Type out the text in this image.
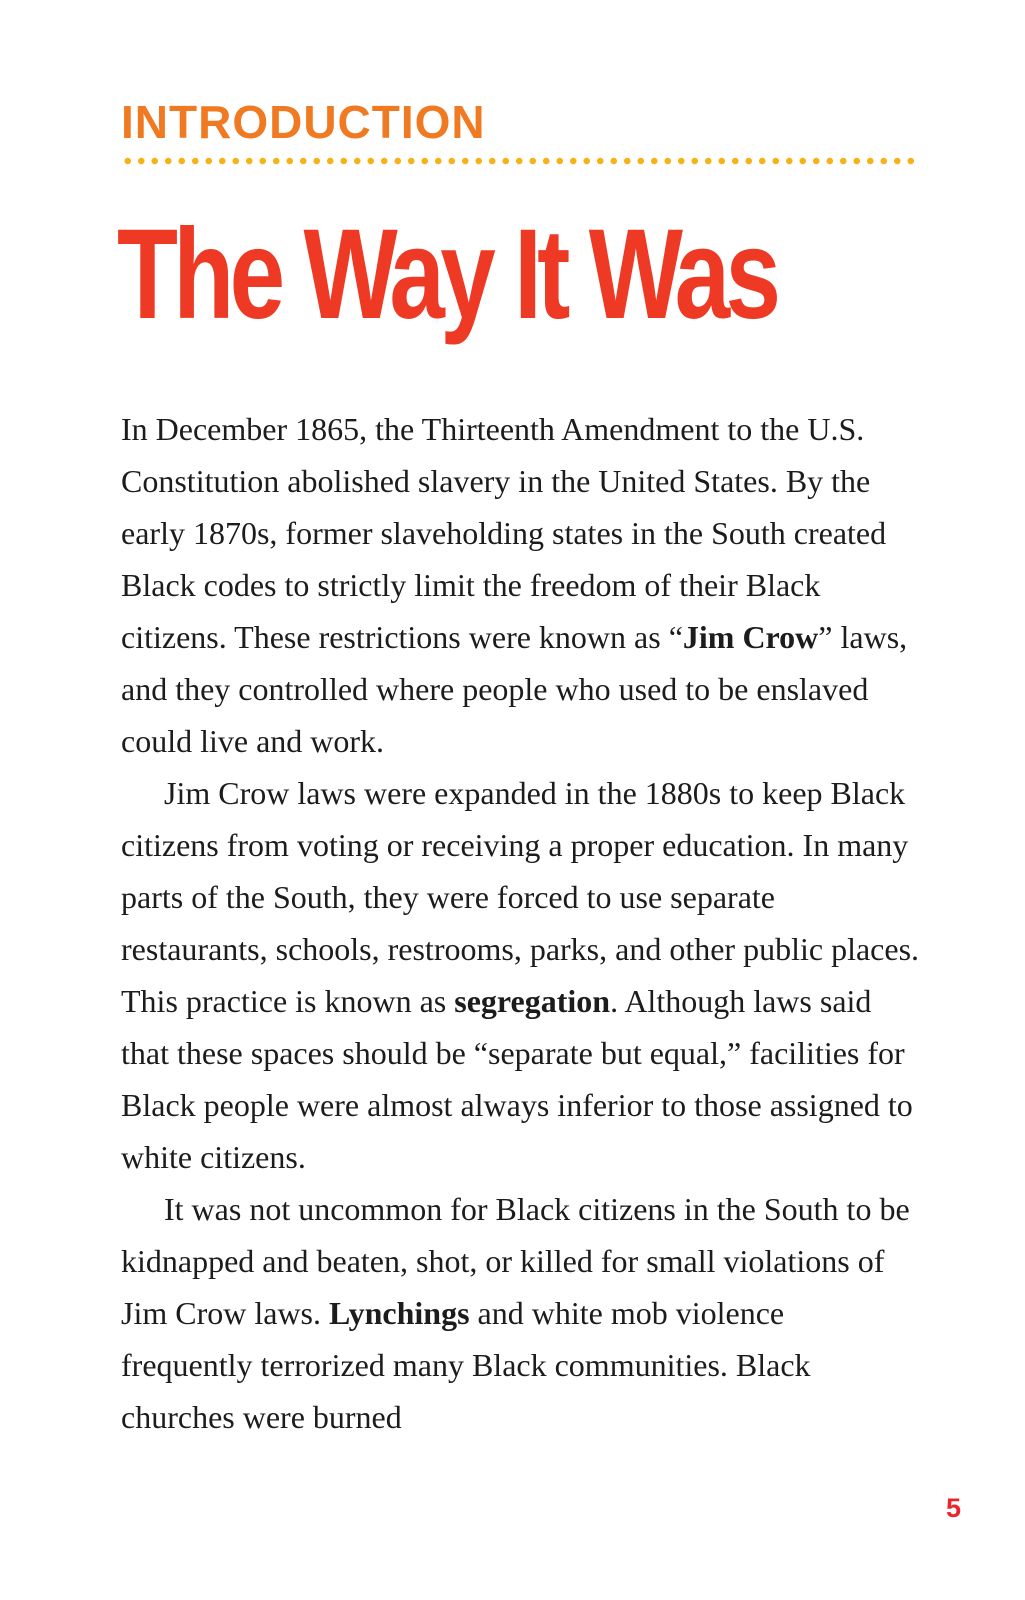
INTRODUCTION
The Way It Was

In December 1865, the Thirteenth Amendment to the U.S. Constitution abolished slavery in the United States. By the early 1870s, former slaveholding states in the South created Black codes to strictly limit the freedom of their Black citizens. These restrictions were known as “Jim Crow” laws, and they controlled where people who used to be enslaved could live and work.

Jim Crow laws were expanded in the 1880s to keep Black citizens from voting or receiving a proper education. In many parts of the South, they were forced to use separate restaurants, schools, restrooms, parks, and other public places. This practice is known as segregation. Although laws said that these spaces should be “separate but equal,” facilities for Black people were almost always inferior to those assigned to white citizens.

It was not uncommon for Black citizens in the South to be kidnapped and beaten, shot, or killed for small violations of Jim Crow laws. Lynchings and white mob violence frequently terrorized many Black communities. Black churches were burned

5
